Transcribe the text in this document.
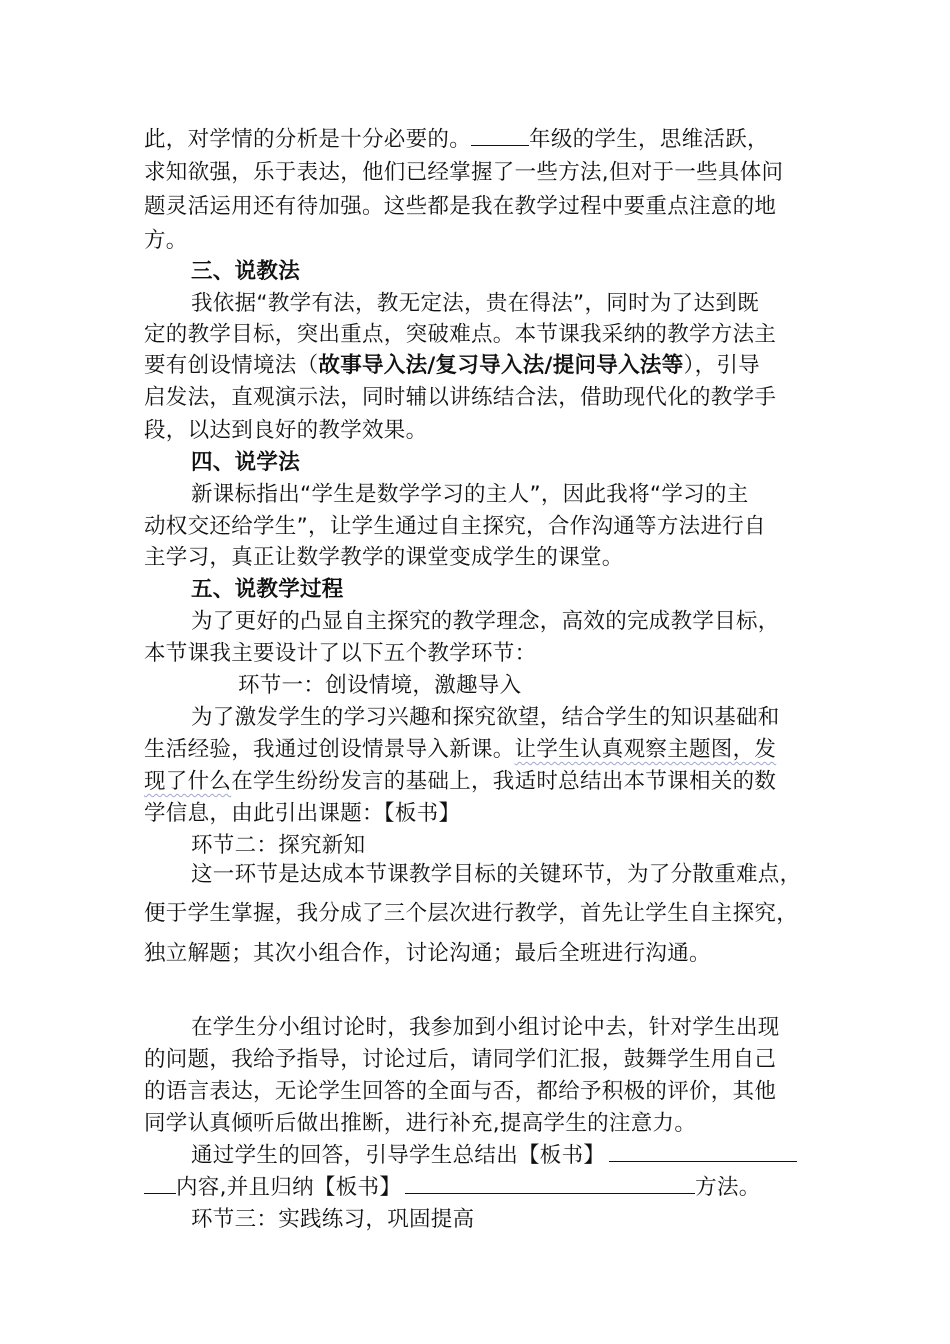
此，对学情的分析是十分必要的。	年级的学生，思维活跃，
求知欲强，乐于表达，他们已经掌握了一些方法,但对于一些具体问
题灵活运用还有待加强。这些都是我在教学过程中要重点注意的地
方。
三、说教法
我依据“教学有法，教无定法，贵在得法”，同时为了达到既
定的教学目标，突出重点，突破难点。本节课我采纳的教学方法主
要有创设情境法（故事导入法/复习导入法/提问导入法等），引导
启发法，直观演示法，同时辅以讲练结合法，借助现代化的教学手
段，以达到良好的教学效果。
四、说学法
新课标指出“学生是数学学习的主人”，因此我将“学习的主
动权交还给学生”，让学生通过自主探究，合作沟通等方法进行自
主学习，真正让数学教学的课堂变成学生的课堂。
五、说教学过程
为了更好的凸显自主探究的教学理念，高效的完成教学目标，
本节课我主要设计了以下五个教学环节：
环节一：创设情境，激趣导入
为了激发学生的学习兴趣和探究欲望，结合学生的知识基础和
生活经验，我通过创设情景导入新课。让学生认真观察主题图，发
现了什么在学生纷纷发言的基础上，我适时总结出本节课相关的数
学信息，由此引出课题：【板书】
环节二：探究新知
这一环节是达成本节课教学目标的关键环节，为了分散重难点，
便于学生掌握，我分成了三个层次进行教学，首先让学生自主探究，
独立解题；其次小组合作，讨论沟通；最后全班进行沟通。
在学生分小组讨论时，我参加到小组讨论中去，针对学生出现
的问题，我给予指导，讨论过后，请同学们汇报，鼓舞学生用自己
的语言表达，无论学生回答的全面与否，都给予积极的评价，其他
同学认真倾听后做出推断，进行补充,提高学生的注意力。
通过学生的回答，引导学生总结出【板书】
内容,并且归纳【板书】	方法。
环节三：实践练习，巩固提高
